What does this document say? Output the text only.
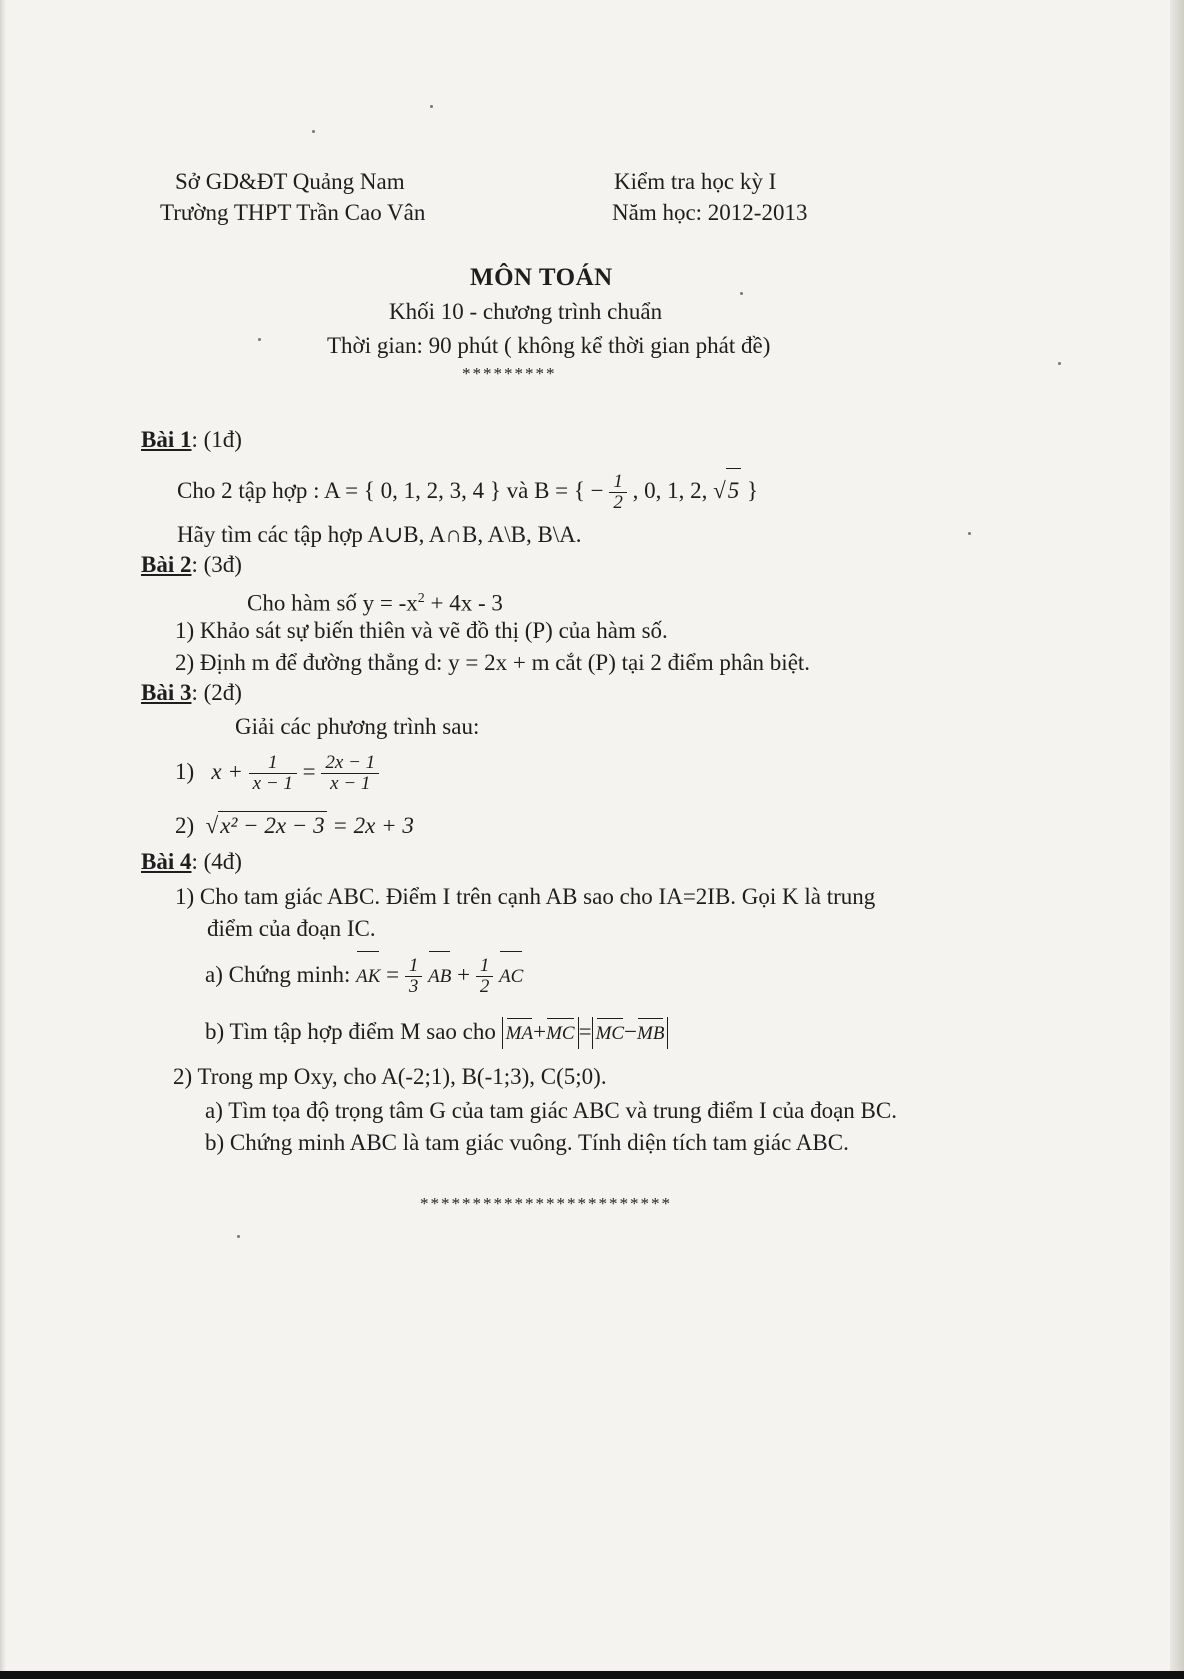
Sở GD&ĐT Quảng Nam
Trường THPT Trần Cao Vân
Kiểm tra học kỳ I
Năm học: 2012-2013
MÔN TOÁN
Khối 10 - chương trình chuẩn
Thời gian: 90 phút ( không kể thời gian phát đề)
*********
Bài 1: (1đ)
Cho 2 tập hợp : A = { 0, 1, 2, 3, 4 } và B = { − $\frac{1}{2}$ , 0, 1, 2, √5 }
Hãy tìm các tập hợp A∪B, A∩B, A\B, B\A.
Bài 2: (3đ)
Cho hàm số $y = -x^2 + 4x - 3$
1) Khảo sát sự biến thiên và vẽ đồ thị (P) của hàm số.
2) Định m để đường thẳng d: y = 2x + m cắt (P) tại 2 điểm phân biệt.
Bài 3: (2đ)
Giải các phương trình sau:
1) $x + \frac{1}{x - 1} = \frac{2x - 1}{x - 1}$
2) √x² − 2x − 3 = 2x + 3
Bài 4: (4đ)
1) Cho tam giác ABC. Điểm I trên cạnh AB sao cho IA=2IB. Gọi K là trung
điểm của đoạn IC.
a) Chứng minh: AK = $\frac{1}{3}$ AB + $\frac{1}{2}$ AC
b) Tìm tập hợp điểm M sao cho MA+MC = MC−MB
2) Trong mp Oxy, cho A(-2;1), B(-1;3), C(5;0).
a) Tìm tọa độ trọng tâm G của tam giác ABC và trung điểm I của đoạn BC.
b) Chứng minh ABC là tam giác vuông. Tính diện tích tam giác ABC.
************************
